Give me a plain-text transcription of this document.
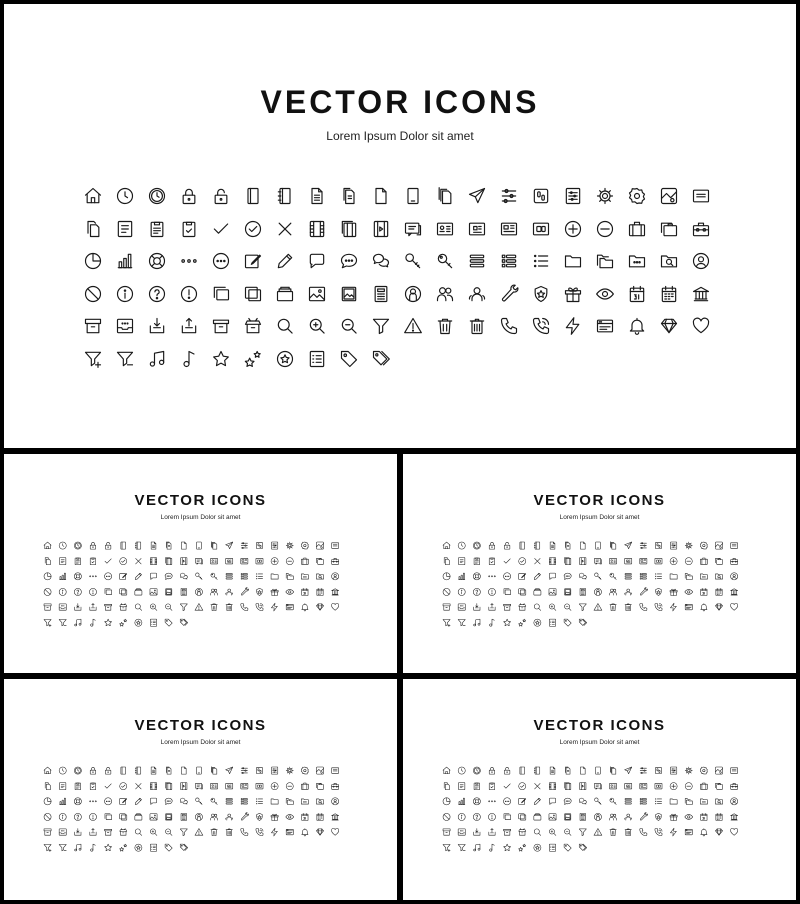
VECTOR ICONS

Lorem Ipsum Dolor sit amet

VECTOR ICONS

Lorem Ipsum Dolor sit amet

VECTOR ICONS

Lorem Ipsum Dolor sit amet

VECTOR ICONS

Lorem Ipsum Dolor sit amet

VECTOR ICONS

Lorem Ipsum Dolor sit amet
